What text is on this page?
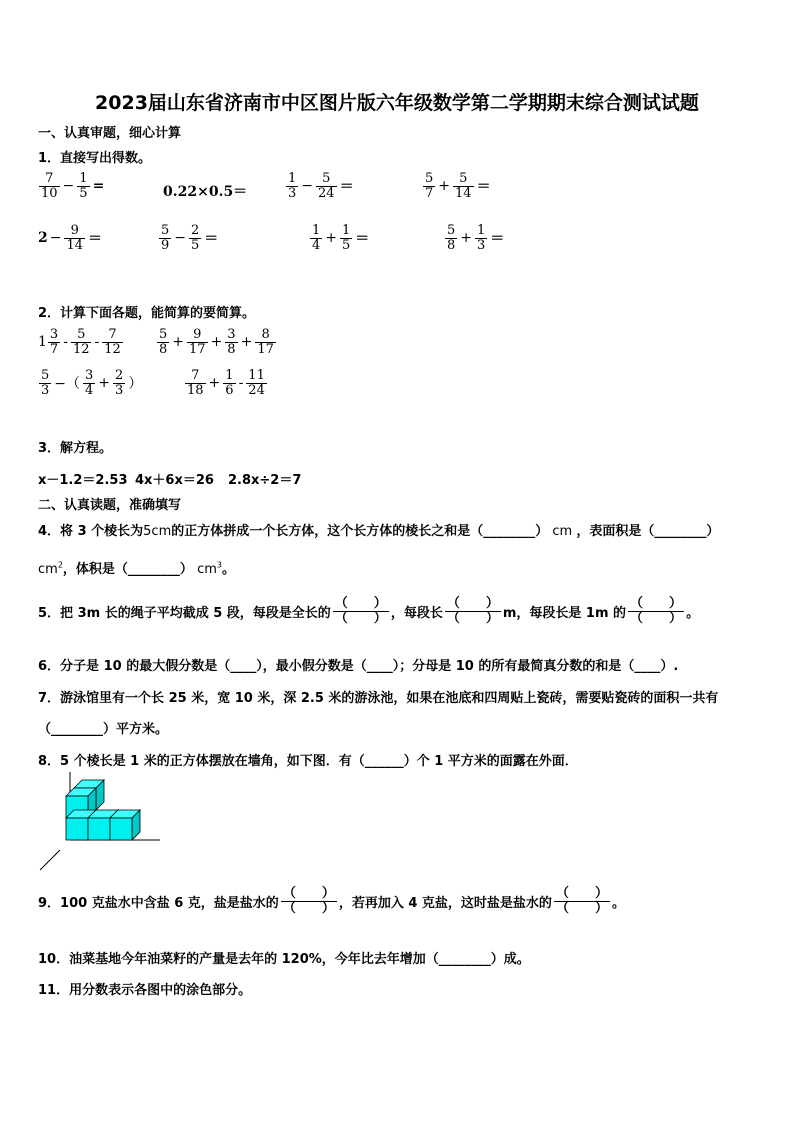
2023届山东省济南市中区图片版六年级数学第二学期期末综合测试试题
一、认真审题，细心计算
1．直接写出得数。
$\frac{7}{10} - \frac{1}{5}$ =	0.22×0.5＝	$\frac{1}{3} - \frac{5}{24}$ ＝	$\frac{5}{7} + \frac{5}{14}$ ＝
$2 - \frac{9}{14}$ ＝	$\frac{5}{9} - \frac{2}{5}$ ＝	$\frac{1}{4} + \frac{1}{5}$ ＝	$\frac{5}{8} + \frac{1}{3}$ ＝
2．计算下面各题，能简算的要简算。
$1 \frac{3}{7} - \frac{5}{12} - \frac{7}{12}$	$\frac{5}{8} + \frac{9}{17} + \frac{3}{8} + \frac{8}{17}$
$\frac{5}{3}$ −（ $\frac{3}{4} + \frac{2}{3}$ ）	$\frac{7}{18} + \frac{1}{6} - \frac{11}{24}$
3．解方程。
x－1.2＝2.53 4x＋6x＝26 2.8x÷2＝7
二、认真读题，准确填写
4．将 3 个棱长为5cm的正方体拼成一个长方体，这个长方体的棱长之和是（________） cm ，表面积是（________）
$cm^2$，体积是（________） $cm^3$。
5．把 3m 长的绳子平均截成 5 段，每段是全长的
（　　）
（　　） ，每段长
（　　）
（　　） m，每段长是 1m 的
（　　）
（　　） 。
6．分子是 10 的最大假分数是（____），最小假分数是（____）；分母是 10 的所有最简真分数的和是（____）.
7．游泳馆里有一个长 25 米，宽 10 米，深 2.5 米的游泳池，如果在池底和四周贴上瓷砖，需要贴瓷砖的面积一共有
（________）平方米。
8．5 个棱长是 1 米的正方体摆放在墙角，如下图．有（______）个 1 平方米的面露在外面．
9．100 克盐水中含盐 6 克，盐是盐水的
（　　）
（　　） ，若再加入 4 克盐，这时盐是盐水的
（　　）
（　　） 。
10．油菜基地今年油菜籽的产量是去年的 120%，今年比去年增加（________）成。
11．用分数表示各图中的涂色部分。
